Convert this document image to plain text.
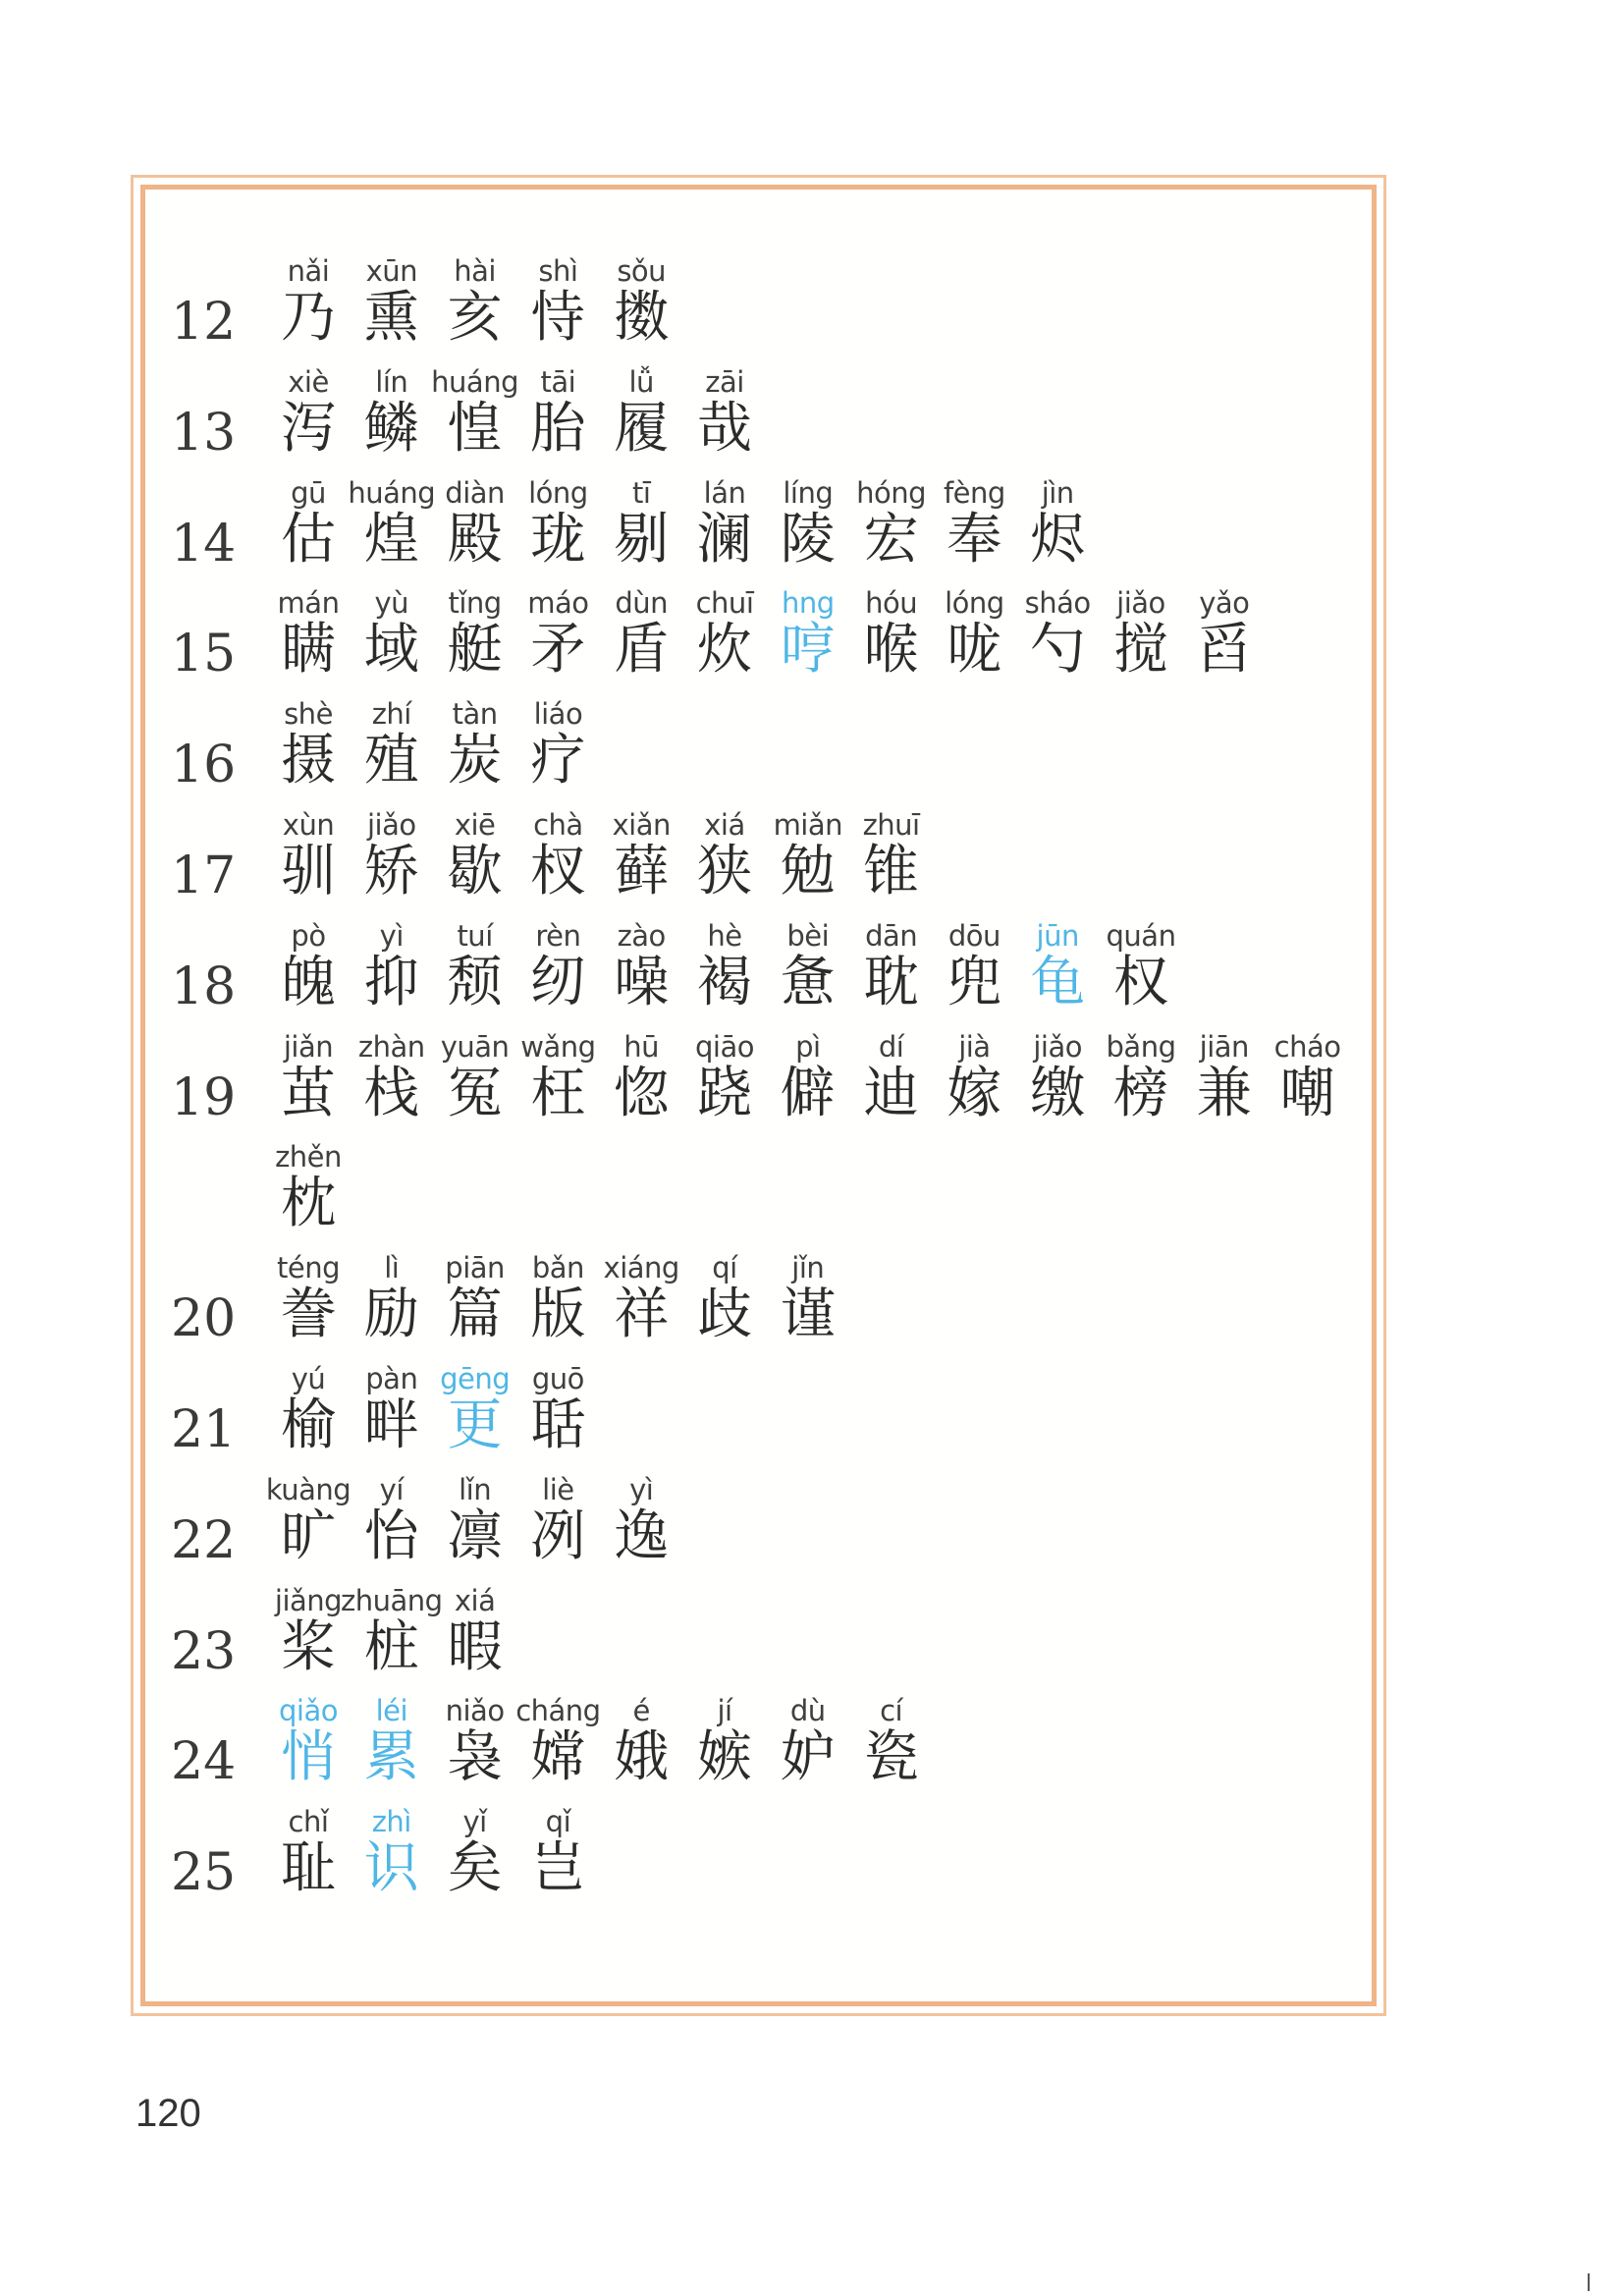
12
nǎi
乃
xūn
熏
hài
亥
shì
恃
sǒu
擞
13
xiè
泻
lín
鳞
huáng
惶
tāi
胎
lǚ
履
zāi
哉
14
gū
估
huáng
煌
diàn
殿
lóng
珑
tī
剔
lán
澜
líng
陵
hóng
宏
fèng
奉
jìn
烬
15
mán
瞒
yù
域
tǐng
艇
máo
矛
dùn
盾
chuī
炊
hng
哼
hóu
喉
lóng
咙
sháo
勺
jiǎo
搅
yǎo
舀
16
shè
摄
zhí
殖
tàn
炭
liáo
疗
17
xùn
驯
jiǎo
矫
xiē
歇
chà
杈
xiǎn
藓
xiá
狭
miǎn
勉
zhuī
锥
18
pò
魄
yì
抑
tuí
颓
rèn
纫
zào
噪
hè
褐
bèi
惫
dān
耽
dōu
兜
jūn
龟
quán
权
19
jiǎn
茧
zhàn
栈
yuān
冤
wǎng
枉
hū
惚
qiāo
跷
pì
僻
dí
迪
jià
嫁
jiǎo
缴
bǎng
榜
jiān
兼
cháo
嘲
zhěn
枕
20
téng
誊
lì
励
piān
篇
bǎn
版
xiáng
祥
qí
歧
jǐn
谨
21
yú
榆
pàn
畔
gēng
更
guō
聒
22
kuàng
旷
yí
怡
lǐn
凛
liè
冽
yì
逸
23
jiǎng
桨
zhuāng
桩
xiá
暇
24
qiǎo
悄
léi
累
niǎo
袅
cháng
嫦
é
娥
jí
嫉
dù
妒
cí
瓷
25
chǐ
耻
zhì
识
yǐ
矣
qǐ
岂
120
